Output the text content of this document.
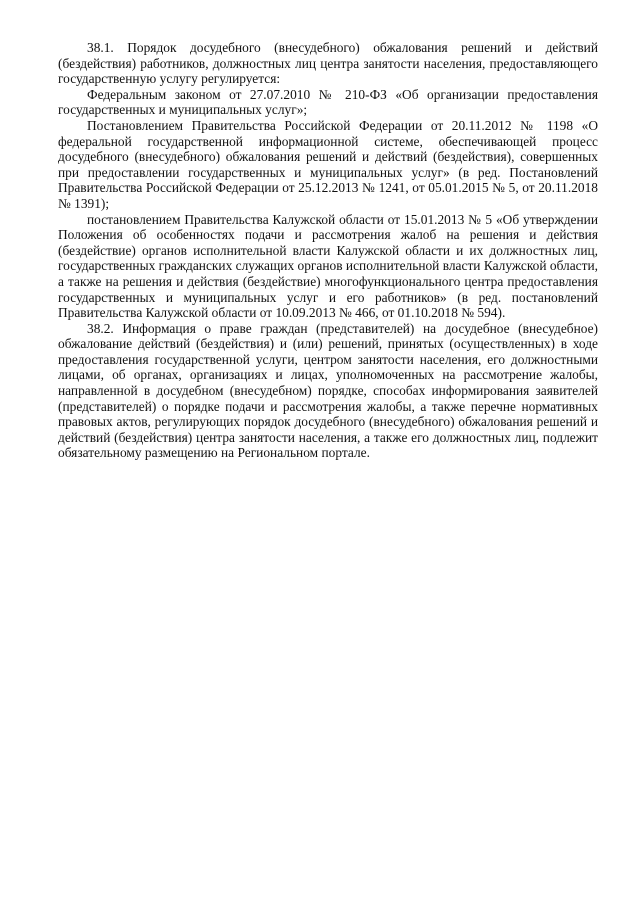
38.1. Порядок досудебного (внесудебного) обжалования решений и действий (бездействия) работников, должностных лиц центра занятости населения, предоставляющего государственную услугу регулируется:

Федеральным законом от 27.07.2010 № 210-ФЗ «Об организации предоставления государственных и муниципальных услуг»;

Постановлением Правительства Российской Федерации от 20.11.2012 № 1198 «О федеральной государственной информационной системе, обеспечивающей процесс досудебного (внесудебного) обжалования решений и действий (бездействия), совершенных при предоставлении государственных и муниципальных услуг» (в ред. Постановлений Правительства Российской Федерации от 25.12.2013 № 1241, от 05.01.2015 № 5, от 20.11.2018 № 1391);

постановлением Правительства Калужской области от 15.01.2013 № 5 «Об утверждении Положения об особенностях подачи и рассмотрения жалоб на решения и действия (бездействие) органов исполнительной власти Калужской области и их должностных лиц, государственных гражданских служащих органов исполнительной власти Калужской области, а также на решения и действия (бездействие) многофункционального центра предоставления государственных и муниципальных услуг и его работников» (в ред. постановлений Правительства Калужской области от 10.09.2013 № 466, от 01.10.2018 № 594).

38.2. Информация о праве граждан (представителей) на досудебное (внесудебное) обжалование действий (бездействия) и (или) решений, принятых (осуществленных) в ходе предоставления государственной услуги, центром занятости населения, его должностными лицами, об органах, организациях и лицах, уполномоченных на рассмотрение жалобы, направленной в досудебном (внесудебном) порядке, способах информирования заявителей (представителей) о порядке подачи и рассмотрения жалобы, а также перечне нормативных правовых актов, регулирующих порядок досудебного (внесудебного) обжалования решений и действий (бездействия) центра занятости населения, а также его должностных лиц, подлежит обязательному размещению на Региональном портале.
